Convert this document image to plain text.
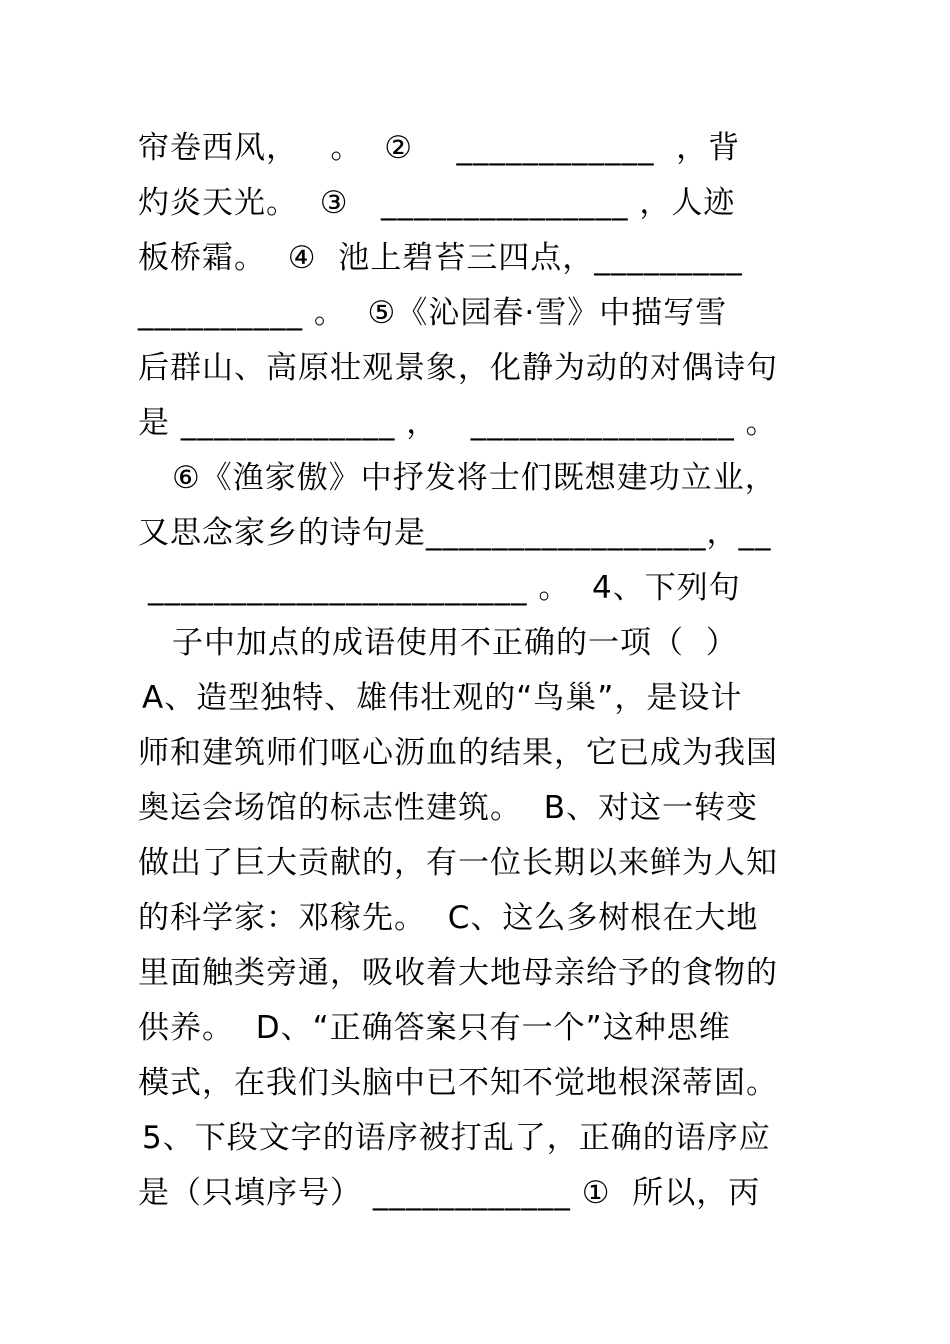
帘卷西风，   。  ②    ____________  ，背
灼炎天光。  ③   _______________ ，人迹
板桥霜。  ④  池上碧苔三四点，_________
__________ 。  ⑤《沁园春·雪》中描写雪
后群山、高原壮观景象，化静为动的对偶诗句
是 _____________ ，   ________________ 。
⑥《渔家傲》中抒发将士们既想建功立业，
又思念家乡的诗句是_________________，__
_______________________ 。  4、下列句
子中加点的成语使用不正确的一项（  ）
A、造型独特、雄伟壮观的“鸟巢”，是设计
师和建筑师们呕心沥血的结果，它已成为我国
奥运会场馆的标志性建筑。  B、对这一转变
做出了巨大贡献的，有一位长期以来鲜为人知
的科学家：邓稼先。  C、这么多树根在大地
里面触类旁通，吸收着大地母亲给予的食物的
供养。  D、“正确答案只有一个”这种思维
模式，在我们头脑中已不知不觉地根深蒂固。
5、下段文字的语序被打乱了，正确的语序应
是（只填序号） ____________ ①  所以，丙
